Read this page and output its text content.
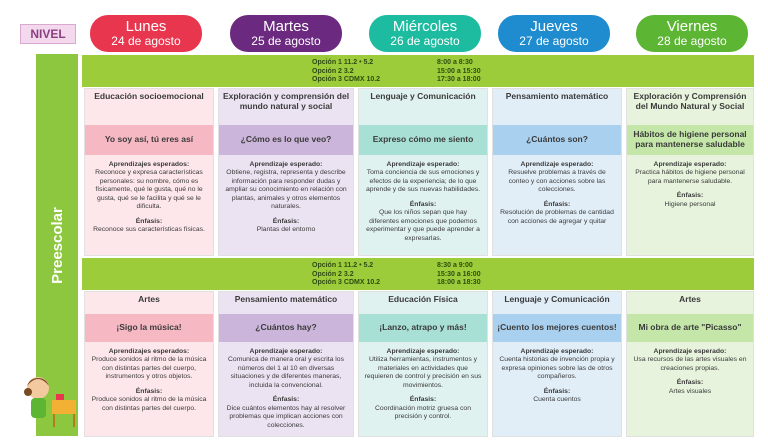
NIVEL	Lunes
24 de agosto
Martes
25 de agosto
Miércoles
26 de agosto
Jueves
27 de agosto
Viernes
28 de agosto
Preescolar
Opción 1 11.2 • 5.2	8:00 a 8:30
Opción 2 3.2	15:00 a 15:30
Opción 3 CDMX 10.2	17:30 a 18:00
Opción 1 11.2 • 5.2	8:30 a 9:00
Opción 2 3.2	15:30 a 16:00
Opción 3 CDMX 10.2	18:00 a 18:30
Educación socioemocional
Yo soy así, tú eres así
Aprendizajes esperados:
Reconoce y expresa características personales: su nombre, cómo es físicamente, qué le gusta, qué no le gusta, qué se le facilita y qué se le dificulta.
Énfasis:
Reconoce sus características físicas.
Exploración y comprensión del mundo natural y social
¿Cómo es lo que veo?
Aprendizaje esperado:
Obtiene, registra, representa y describe información para responder dudas y ampliar su conocimiento en relación con plantas, animales y otros elementos naturales.
Énfasis:
Plantas del entorno
Lenguaje y Comunicación
Expreso cómo me siento
Aprendizaje esperado:
Toma conciencia de sus emociones y efectos de la experiencia; de lo que aprende y de sus nuevas habilidades.
Énfasis:
Que los niños sepan que hay diferentes emociones que podemos experimentar y que puede aprender a expresarlas.
Pensamiento matemático
¿Cuántos son?
Aprendizaje esperado:
Resuelve problemas a través de conteo y con acciones sobre las colecciones.
Énfasis:
Resolución de problemas de cantidad con acciones de agregar y quitar
Exploración y Comprensión del Mundo Natural y Social
Hábitos de higiene personal para mantenerse saludable
Aprendizaje esperado:
Practica hábitos de higiene personal para mantenerse saludable.
Énfasis:
Higiene personal
Artes
¡Sigo la música!
Aprendizajes esperados:
Produce sonidos al ritmo de la música con distintas partes del cuerpo, instrumentos y otros objetos.
Énfasis:
Produce sonidos al ritmo de la música con distintas partes del cuerpo.
Pensamiento matemático
¿Cuántos hay?
Aprendizaje esperado:
Comunica de manera oral y escrita los números del 1 al 10 en diversas situaciones y de diferentes maneras, incluida la convencional.
Énfasis:
Dice cuántos elementos hay al resolver problemas que implican acciones con colecciones.
Educación Física
¡Lanzo, atrapo y más!
Aprendizaje esperado:
Utiliza herramientas, instrumentos y materiales en actividades que requieren de control y precisión en sus movimientos.
Énfasis:
Coordinación motriz gruesa con precisión y control.
Lenguaje y Comunicación
¡Cuento los mejores cuentos!
Aprendizaje esperado:
Cuenta historias de invención propia y expresa opiniones sobre las de otros compañeros.
Énfasis:
Cuenta cuentos
Artes
Mi obra de arte "Picasso"
Aprendizaje esperado:
Usa recursos de las artes visuales en creaciones propias.
Énfasis:
Artes visuales
